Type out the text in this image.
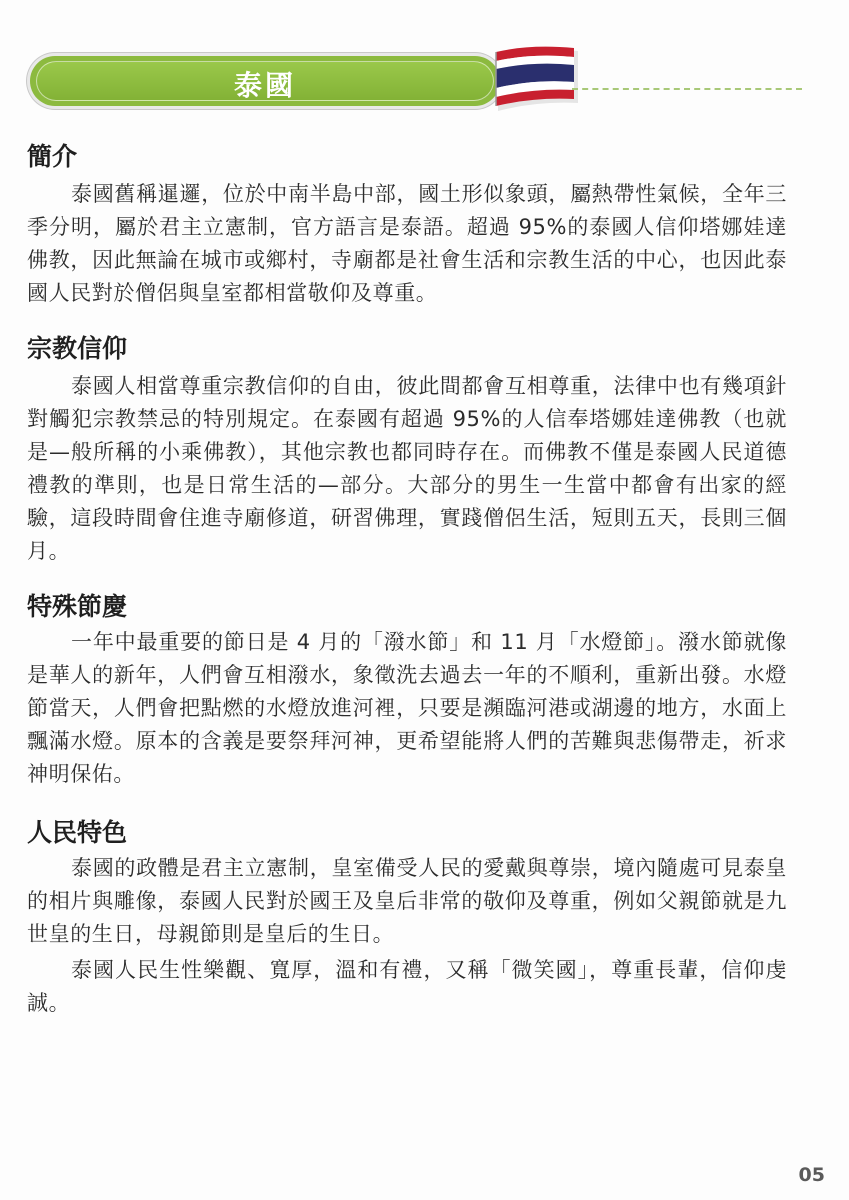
泰國
簡介

泰國舊稱暹邏，位於中南半島中部，國土形似象頭，屬熱帶性氣候，全年三季分明，屬於君主立憲制，官方語言是泰語。超過 95%的泰國人信仰塔娜娃達佛教，因此無論在城市或鄉村，寺廟都是社會生活和宗教生活的中心，也因此泰國人民對於僧侶與皇室都相當敬仰及尊重。

宗教信仰

泰國人相當尊重宗教信仰的自由，彼此間都會互相尊重，法律中也有幾項針對觸犯宗教禁忌的特別規定。在泰國有超過 95%的人信奉塔娜娃達佛教（也就是—般所稱的小乘佛教），其他宗教也都同時存在。而佛教不僅是泰國人民道德禮教的準則，也是日常生活的—部分。大部分的男生一生當中都會有出家的經驗，這段時間會住進寺廟修道，研習佛理，實踐僧侶生活，短則五天，長則三個月。

特殊節慶

一年中最重要的節日是 4 月的「潑水節」和 11 月「水燈節」。潑水節就像是華人的新年，人們會互相潑水，象徵洗去過去一年的不順利，重新出發。水燈節當天，人們會把點燃的水燈放進河裡，只要是瀕臨河港或湖邊的地方，水面上飄滿水燈。原本的含義是要祭拜河神，更希望能將人們的苦難與悲傷帶走，祈求神明保佑。

人民特色

泰國的政體是君主立憲制，皇室備受人民的愛戴與尊崇，境內隨處可見泰皇的相片與雕像，泰國人民對於國王及皇后非常的敬仰及尊重，例如父親節就是九世皇的生日，母親節則是皇后的生日。

泰國人民生性樂觀、寬厚，溫和有禮，又稱「微笑國」，尊重長輩，信仰虔誠。

05
